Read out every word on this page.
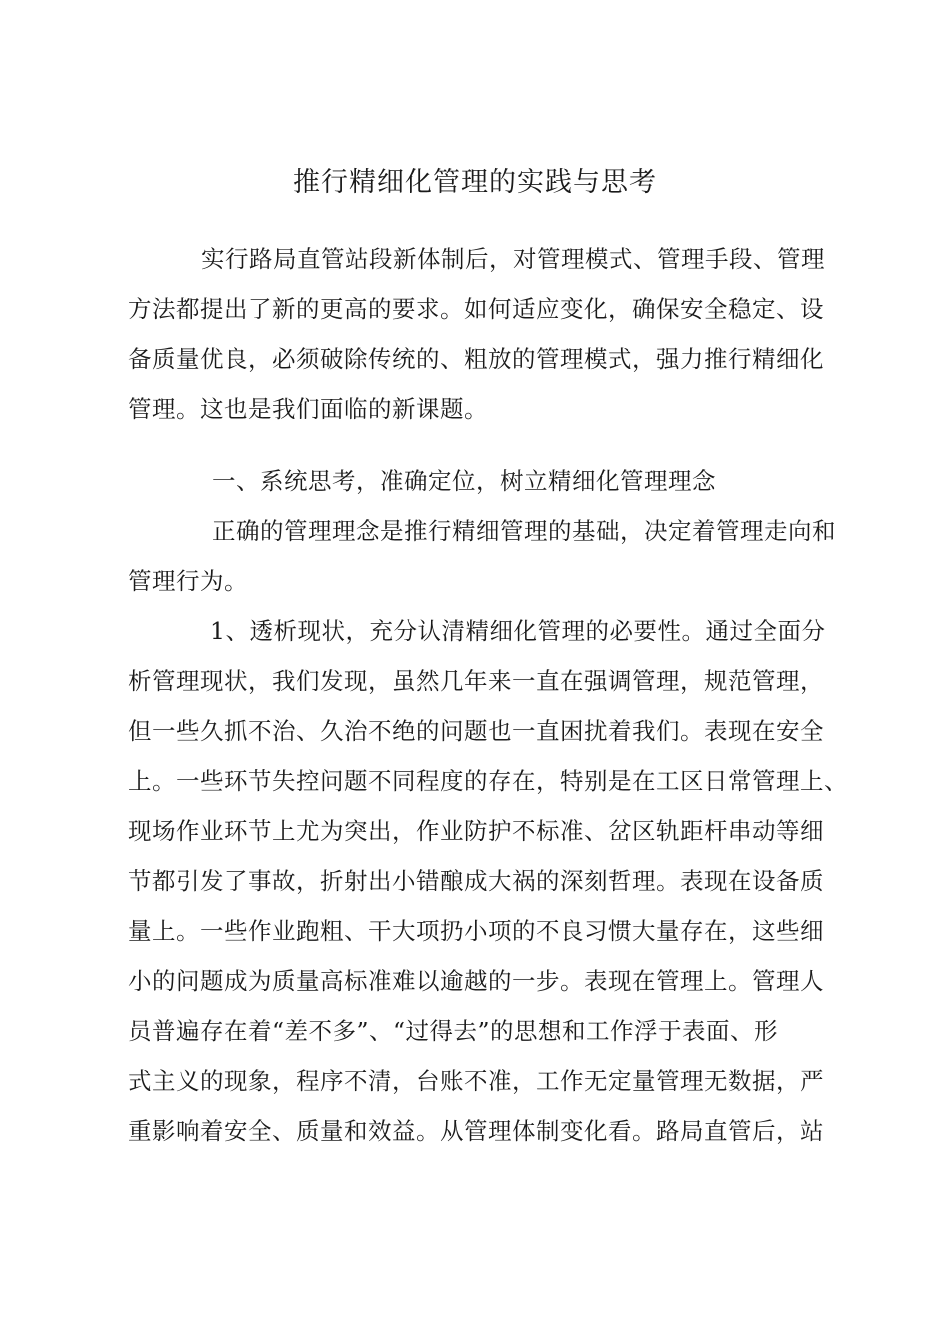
推行精细化管理的实践与思考

实行路局直管站段新体制后，对管理模式、管理手段、管理

方法都提出了新的更高的要求。如何适应变化，确保安全稳定、设

备质量优良，必须破除传统的、粗放的管理模式，强力推行精细化

管理。这也是我们面临的新课题。

一、系统思考，准确定位，树立精细化管理理念

正确的管理理念是推行精细管理的基础，决定着管理走向和

管理行为。

1、透析现状，充分认清精细化管理的必要性。通过全面分

析管理现状，我们发现，虽然几年来一直在强调管理，规范管理，

但一些久抓不治、久治不绝的问题也一直困扰着我们。表现在安全

上。一些环节失控问题不同程度的存在，特别是在工区日常管理上、

现场作业环节上尤为突出，作业防护不标准、岔区轨距杆串动等细

节都引发了事故，折射出小错酿成大祸的深刻哲理。表现在设备质

量上。一些作业跑粗、干大项扔小项的不良习惯大量存在，这些细

小的问题成为质量高标准难以逾越的一步。表现在管理上。管理人

员普遍存在着“差不多”、“过得去”的思想和工作浮于表面、形

式主义的现象，程序不清，台账不准，工作无定量管理无数据，严

重影响着安全、质量和效益。从管理体制变化看。路局直管后，站
